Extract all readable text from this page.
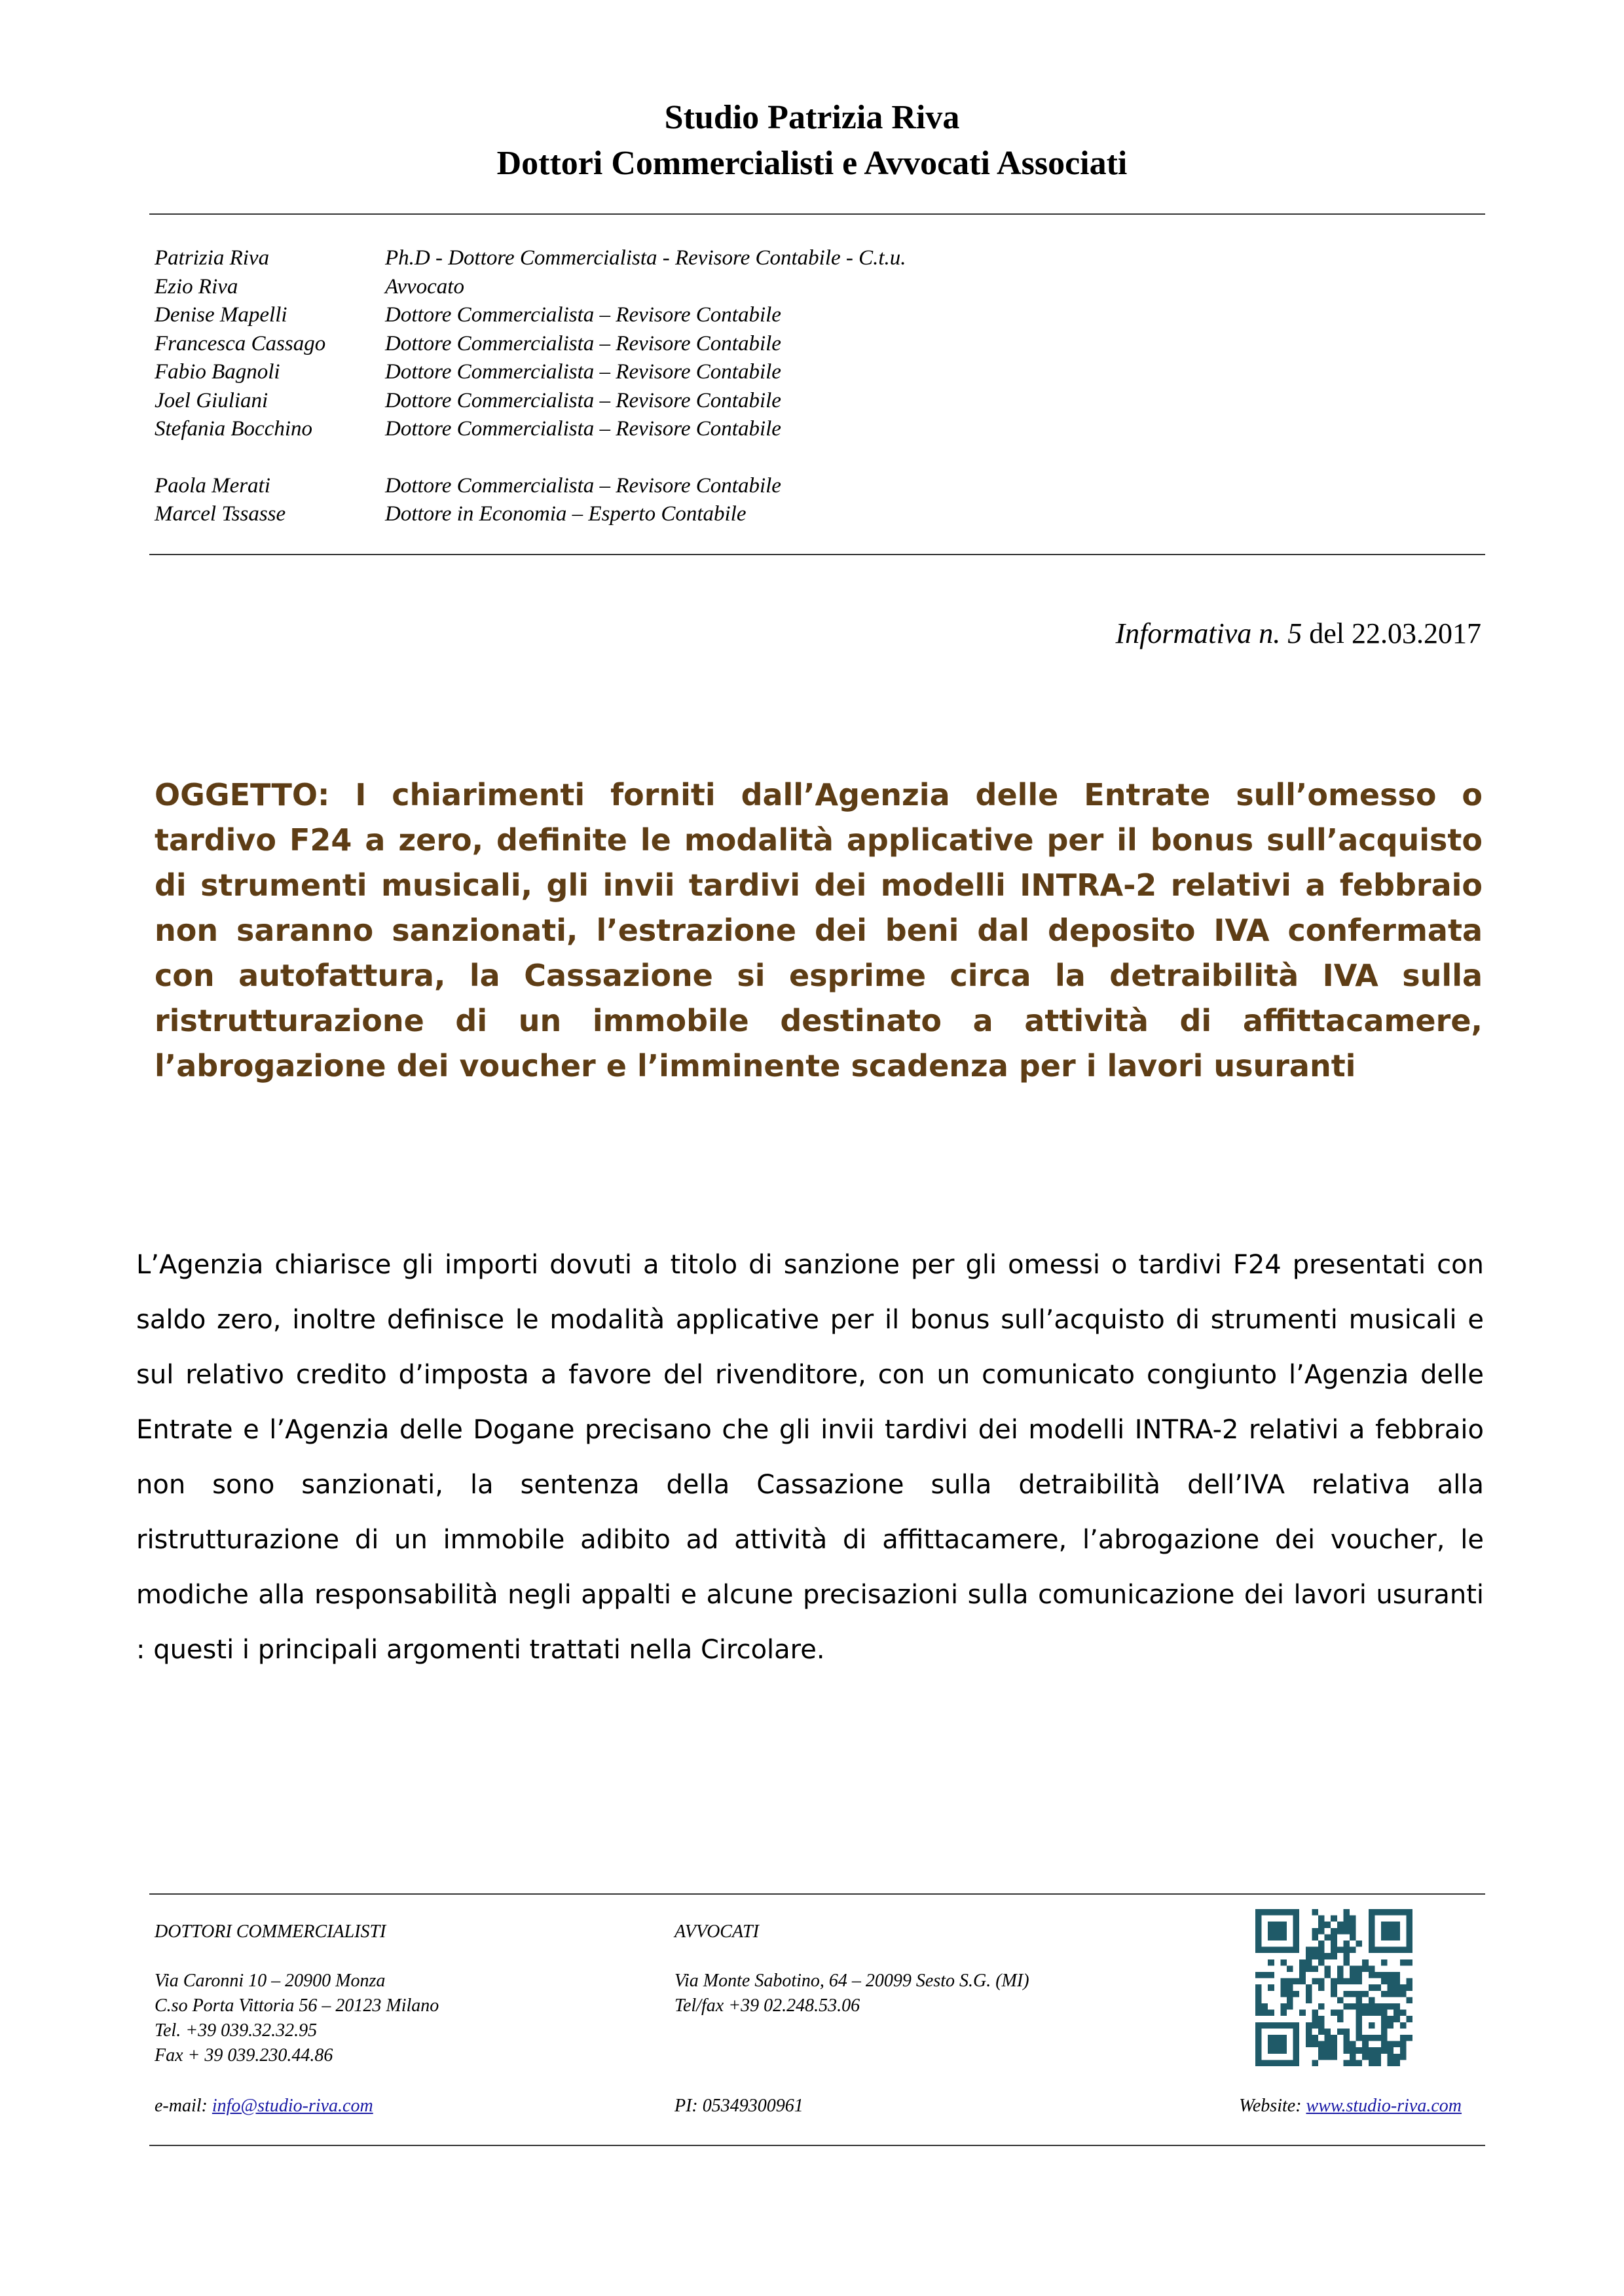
Studio Patrizia Riva
Dottori Commercialisti e Avvocati Associati
Patrizia Riva	Ph.D - Dottore Commercialista - Revisore Contabile - C.t.u.
Ezio Riva	Avvocato
Denise Mapelli	Dottore Commercialista – Revisore Contabile
Francesca Cassago	Dottore Commercialista – Revisore Contabile
Fabio Bagnoli	Dottore Commercialista – Revisore Contabile
Joel Giuliani	Dottore Commercialista – Revisore Contabile
Stefania Bocchino	Dottore Commercialista – Revisore Contabile
Paola Merati	Dottore Commercialista – Revisore Contabile
Marcel Tssasse	Dottore in Economia – Esperto Contabile
Informativa n. 5 del 22.03.2017
OGGETTO: I chiarimenti forniti dall’Agenzia delle Entrate sull’omesso o tardivo F24 a zero, definite le modalità applicative per il bonus sull’acquisto di strumenti musicali, gli invii tardivi dei modelli INTRA-2 relativi a febbraio non saranno sanzionati, l’estrazione dei beni dal deposito IVA confermata con autofattura, la Cassazione si esprime circa la detraibilità IVA sulla ristrutturazione di un immobile destinato a attività di affittacamere, l’abrogazione dei voucher e l’imminente scadenza per i lavori usuranti
L’Agenzia chiarisce gli importi dovuti a titolo di sanzione per gli omessi o tardivi F24 presentati con saldo zero, inoltre definisce le modalità applicative per il bonus sull’acquisto di strumenti musicali e sul relativo credito d’imposta a favore del rivenditore, con un comunicato congiunto l’Agenzia delle Entrate e l’Agenzia delle Dogane precisano che gli invii tardivi dei modelli INTRA-2 relativi a febbraio non sono sanzionati, la sentenza della Cassazione sulla detraibilità dell’IVA relativa alla ristrutturazione di un immobile adibito ad attività di affittacamere, l’abrogazione dei voucher, le modiche alla responsabilità negli appalti e alcune precisazioni sulla comunicazione dei lavori usuranti : questi i principali argomenti trattati nella Circolare.
DOTTORI COMMERCIALISTI
Via Caronni 10 – 20900 Monza
C.so Porta Vittoria 56 – 20123 Milano
Tel. +39 039.32.32.95
Fax + 39 039.230.44.86
AVVOCATI
Via Monte Sabotino, 64 – 20099 Sesto S.G. (MI)
Tel/fax +39 02.248.53.06
e-mail: info@studio-riva.com	PI: 05349300961	Website: www.studio-riva.com
